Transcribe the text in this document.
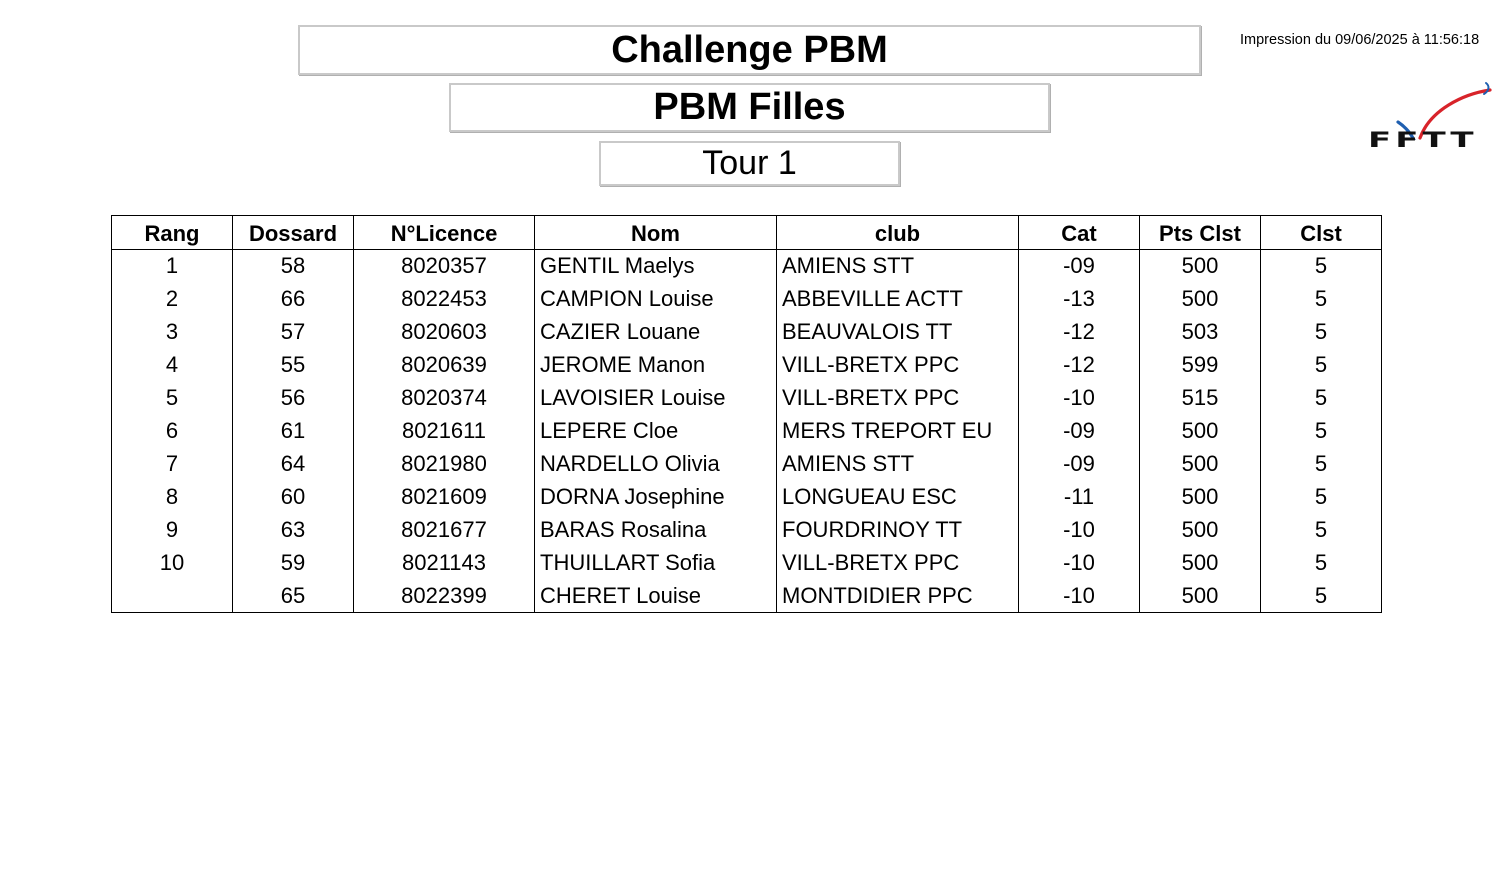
Challenge PBM
PBM Filles
Tour 1
Impression du 09/06/2025 à 11:56:18
FFTT
Rang	Dossard	N°Licence	Nom	club	Cat	Pts Clst	Clst
1	58	8020357	GENTIL Maelys	AMIENS STT	-09	500	5
2	66	8022453	CAMPION Louise	ABBEVILLE ACTT	-13	500	5
3	57	8020603	CAZIER Louane	BEAUVALOIS TT	-12	503	5
4	55	8020639	JEROME Manon	VILL-BRETX PPC	-12	599	5
5	56	8020374	LAVOISIER Louise	VILL-BRETX PPC	-10	515	5
6	61	8021611	LEPERE Cloe	MERS TREPORT EU	-09	500	5
7	64	8021980	NARDELLO Olivia	AMIENS STT	-09	500	5
8	60	8021609	DORNA Josephine	LONGUEAU ESC	-11	500	5
9	63	8021677	BARAS Rosalina	FOURDRINOY TT	-10	500	5
10	59	8021143	THUILLART Sofia	VILL-BRETX PPC	-10	500	5
	65	8022399	CHERET Louise	MONTDIDIER PPC	-10	500	5
